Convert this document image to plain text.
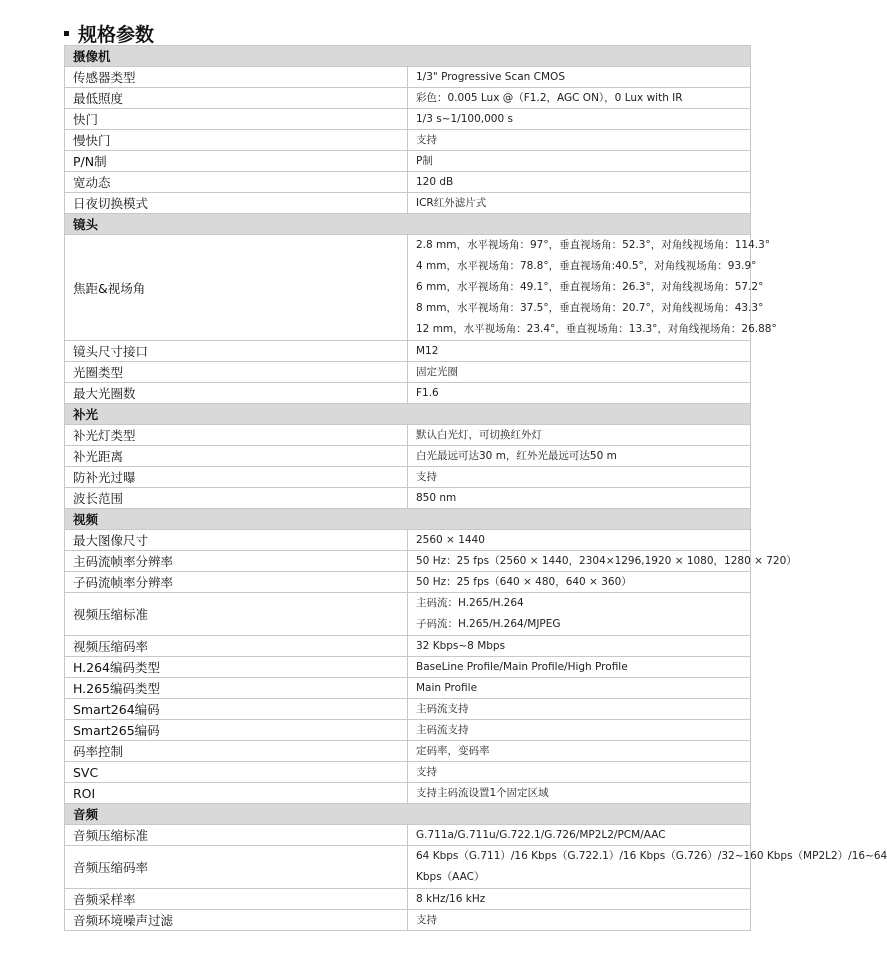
规格参数
摄像机	
传感器类型	1/3" Progressive Scan CMOS

最低照度	彩色：0.005 Lux @（F1.2，AGC ON），0 Lux with IR

快门	1/3 s~1/100,000 s

慢快门	支持

P/N制	P制

宽动态	120 dB

日夜切换模式	ICR红外滤片式

镜头	
焦距&视场角	2.8 mm，水平视场角：97°，垂直视场角：52.3°，对角线视场角：114.3°
4 mm，水平视场角：78.8°，垂直视场角:40.5°，对角线视场角：93.9°
6 mm，水平视场角：49.1°，垂直视场角：26.3°，对角线视场角：57.2°
8 mm，水平视场角：37.5°，垂直视场角：20.7°，对角线视场角：43.3°
12 mm，水平视场角：23.4°，垂直视场角：13.3°，对角线视场角：26.88°

镜头尺寸接口	M12

光圈类型	固定光圈

最大光圈数	F1.6

补光	
补光灯类型	默认白光灯，可切换红外灯

补光距离	白光最远可达30 m，红外光最远可达50 m

防补光过曝	支持

波长范围	850 nm

视频	
最大图像尺寸	2560 × 1440

主码流帧率分辨率	50 Hz：25 fps（2560 × 1440，2304×1296,1920 × 1080，1280 × 720）

子码流帧率分辨率	50 Hz：25 fps（640 × 480，640 × 360）

视频压缩标准	主码流：H.265/H.264
子码流：H.265/H.264/MJPEG

视频压缩码率	32 Kbps~8 Mbps

H.264编码类型	BaseLine Profile/Main Profile/High Profile

H.265编码类型	Main Profile

Smart264编码	主码流支持

Smart265编码	主码流支持

码率控制	定码率，变码率

SVC	支持

ROI	支持主码流设置1个固定区域

音频	
音频压缩标准	G.711a/G.711u/G.722.1/G.726/MP2L2/PCM/AAC

音频压缩码率	64 Kbps（G.711）/16 Kbps（G.722.1）/16 Kbps（G.726）/32~160 Kbps（MP2L2）/16~64
Kbps（AAC）

音频采样率	8 kHz/16 kHz

音频环境噪声过滤	支持
